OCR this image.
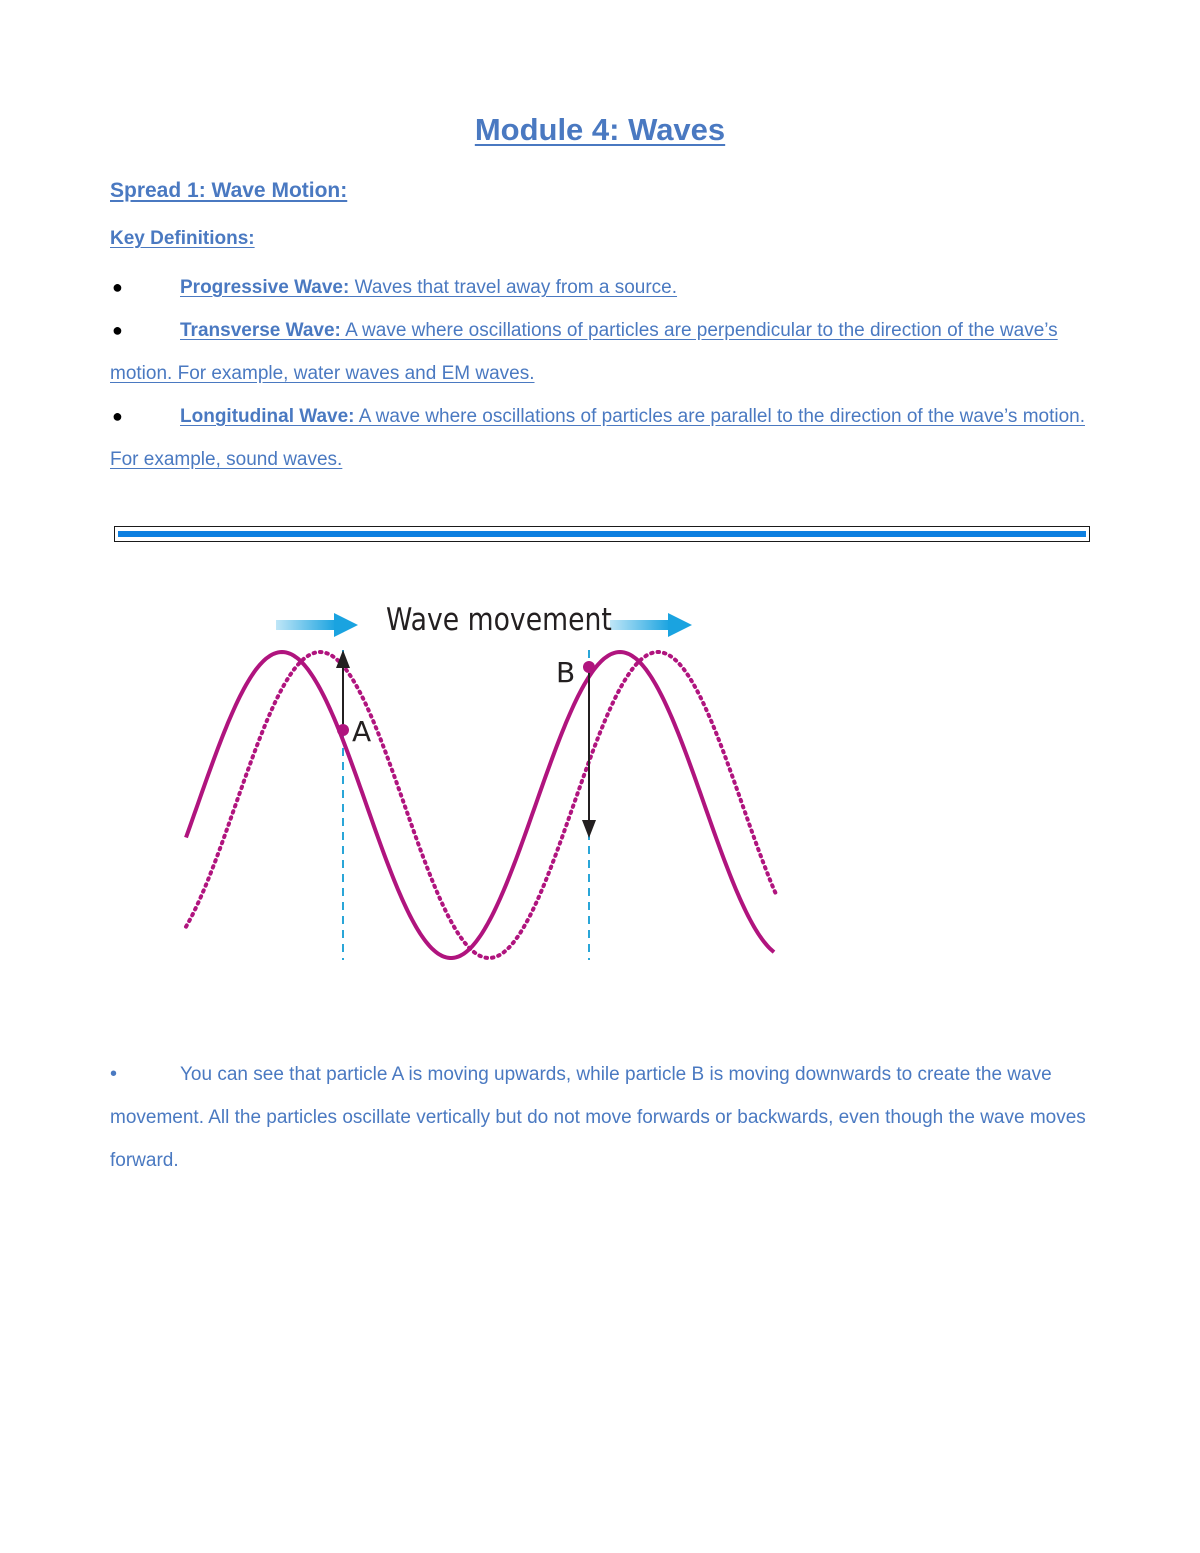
Module 4: Waves
Spread 1: Wave Motion:
Key Definitions:
●	Progressive Wave: Waves that travel away from a source.
●	Transverse Wave: A wave where oscillations of particles are perpendicular to the direction of the wave’s motion. For example, water waves and EM waves.
●	Longitudinal Wave: A wave where oscillations of particles are parallel to the direction of the wave’s motion. For example, sound waves.
Wave movement
A
B
•	You can see that particle A is moving upwards, while particle B is moving downwards to create the wave movement. All the particles oscillate vertically but do not move forwards or backwards, even though the wave moves forward.
